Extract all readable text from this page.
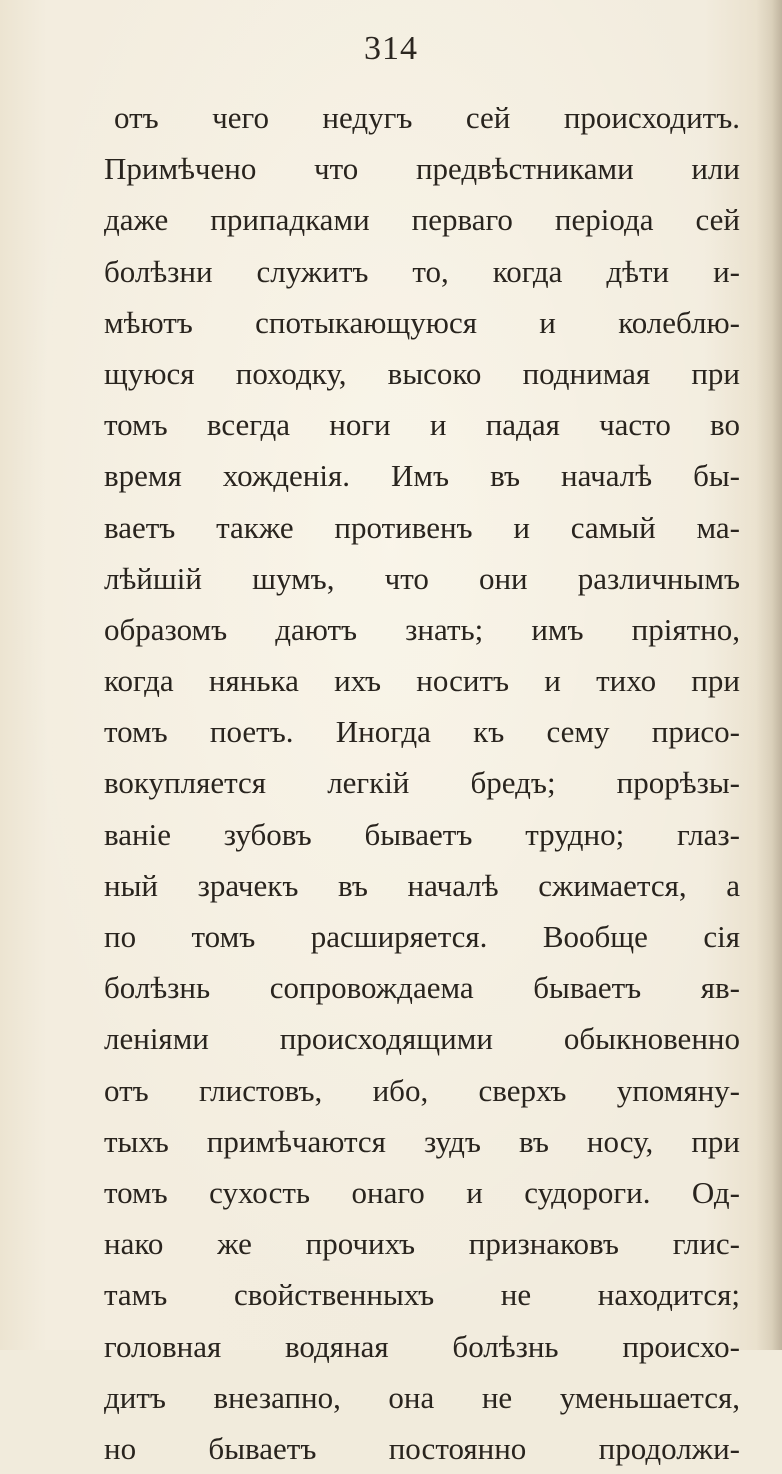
314
отъ чего недугъ сей происходитъ.
Примѣчено что предвѣстниками или
даже припадками перваго періода сей
болѣзни служитъ то, когда дѣти и-
мѣютъ спотыкающуюся и колеблю-
щуюся походку, высоко поднимая при
томъ всегда ноги и падая часто во
время хожденія. Имъ въ началѣ бы-
ваетъ также противенъ и самый ма-
лѣйшій шумъ, что они различнымъ
образомъ даютъ знать; имъ пріятно,
когда нянька ихъ носитъ и тихо при
томъ поетъ. Иногда къ сему присо-
вокупляется легкій бредъ; прорѣзы-
ваніе зубовъ бываетъ трудно; глаз-
ный зрачекъ въ началѣ сжимается, а
по томъ расширяется. Вообще сія
болѣзнь сопровождаема бываетъ яв-
леніями происходящими обыкновенно
отъ глистовъ, ибо, сверхъ упомяну-
тыхъ примѣчаются зудъ въ носу, при
томъ сухость онаго и судороги. Од-
нако же прочихъ признаковъ глис-
тамъ свойственныхъ не находится;
головная водяная болѣзнь происхо-
дитъ внезапно, она не уменьшается,
но бываетъ постоянно продолжи-
